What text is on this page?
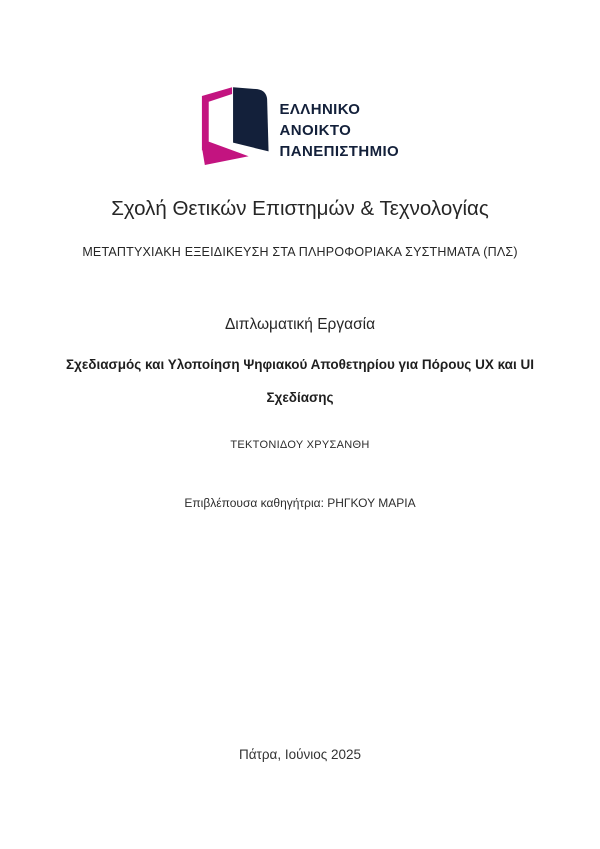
ΕΛΛΗΝΙΚΟ
ΑΝΟΙΚΤΟ
ΠΑΝΕΠΙΣΤΗΜΙΟ
Σχολή Θετικών Επιστημών & Τεχνολογίας
ΜΕΤΑΠΤΥΧΙΑΚΗ ΕΞΕΙΔΙΚΕΥΣΗ ΣΤΑ ΠΛΗΡΟΦΟΡΙΑΚΑ ΣΥΣΤΗΜΑΤΑ (ΠΛΣ)
Διπλωματική Εργασία
Σχεδιασμός και Υλοποίηση Ψηφιακού Αποθετηρίου για Πόρους UX και UI
Σχεδίασης
ΤΕΚΤΟΝΙΔΟΥ ΧΡΥΣΑΝΘΗ
Επιβλέπουσα καθηγήτρια: ΡΗΓΚΟΥ ΜΑΡΙΑ
Πάτρα, Ιούνιος 2025
